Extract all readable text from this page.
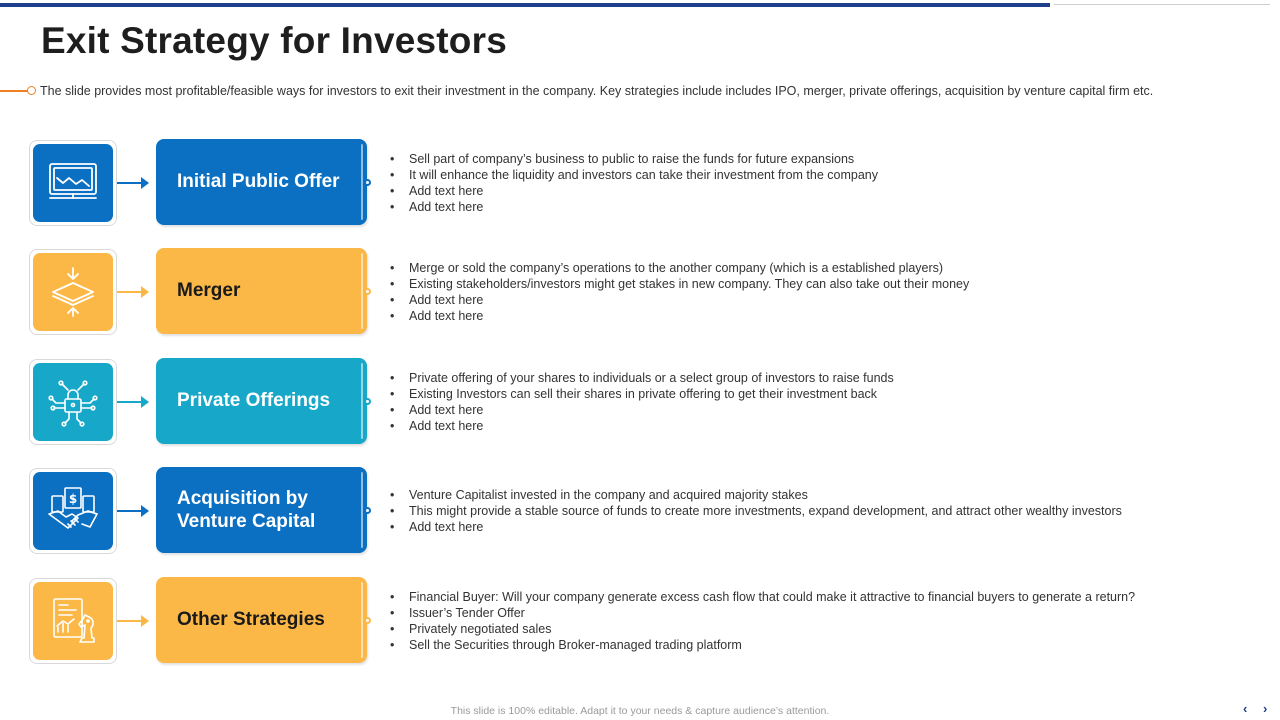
Exit Strategy for Investors

The slide provides most profitable/feasible ways for investors to exit their investment in the company. Key strategies include includes IPO, merger, private offerings, acquisition by venture capital firm etc.

Initial Public Offer
• Sell part of company’s business to public to raise the funds for future expansions
• It will enhance the liquidity and investors can take their investment from the company
• Add text here
• Add text here
Merger
• Merge or sold the company’s operations to the another company (which is a established players)
• Existing stakeholders/investors might get stakes in new company. They can also take out their money
• Add text here
• Add text here
Private Offerings
• Private offering of your shares to individuals or a select group of investors to raise funds
• Existing Investors can sell their shares in private offering to get their investment back
• Add text here
• Add text here
$	Acquisition by
Venture Capital
• Venture Capitalist invested in the company and acquired majority stakes
• This might provide a stable source of funds to create more investments, expand development, and attract other wealthy investors
• Add text here
Other Strategies
• Financial Buyer: Will your company generate excess cash flow that could make it attractive to financial buyers to generate a return?
• Issuer’s Tender Offer
• Privately negotiated sales
• Sell the Securities through Broker-managed trading platform

This slide is 100% editable. Adapt it to your needs & capture audience’s attention.	‹ ›
